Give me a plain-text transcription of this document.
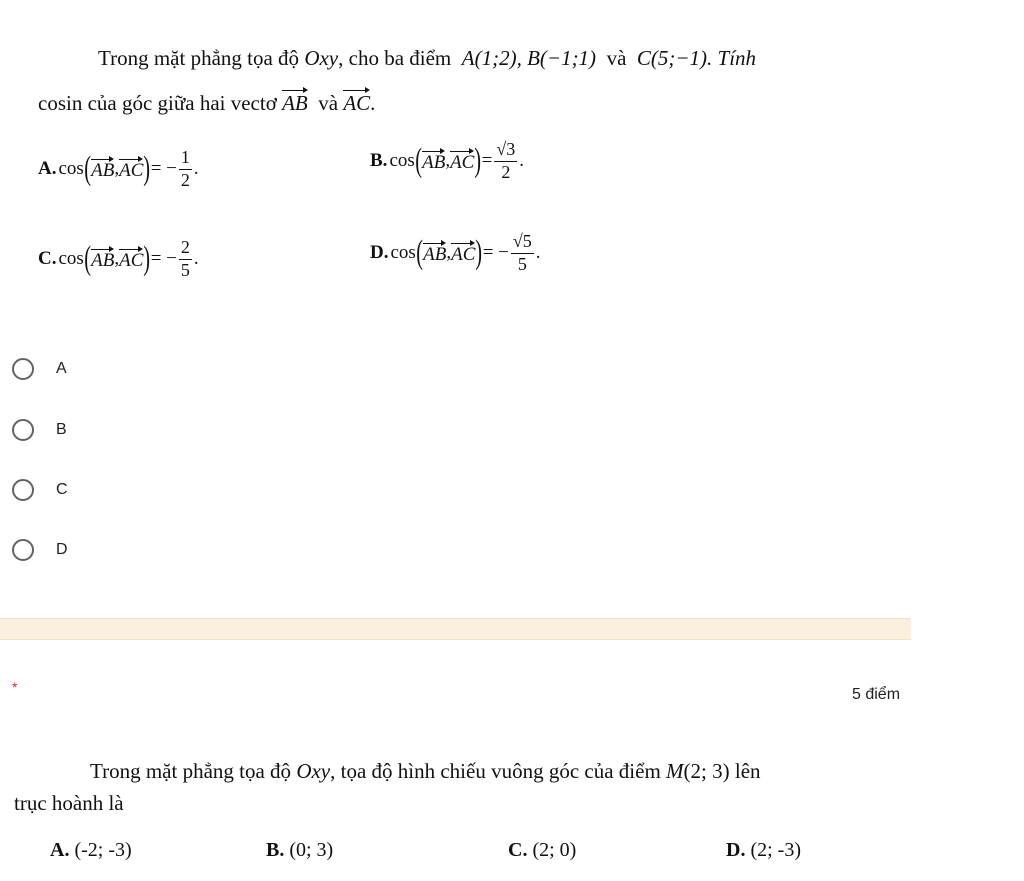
Trong mặt phẳng tọa độ Oxy, cho ba điểm A(1;2), B(−1;1) và C(5;−1). Tính
cosin của góc giữa hai vectơ AB và AC.
A. cos ( AB , AC ) = − $\frac{1}{2}$ .	B. cos ( AB , AC ) = $\frac{√3}{2}$ .
C. cos ( AB , AC ) = − $\frac{2}{5}$ .	D. cos ( AB , AC ) = − $\frac{√5}{5}$ .
A
B
C
D
*	5 điểm
Trong mặt phẳng tọa độ Oxy, tọa độ hình chiếu vuông góc của điểm M(2; 3) lên
trục hoành là
A. (-2; -3)	B. (0; 3)	C. (2; 0)	D. (2; -3)
